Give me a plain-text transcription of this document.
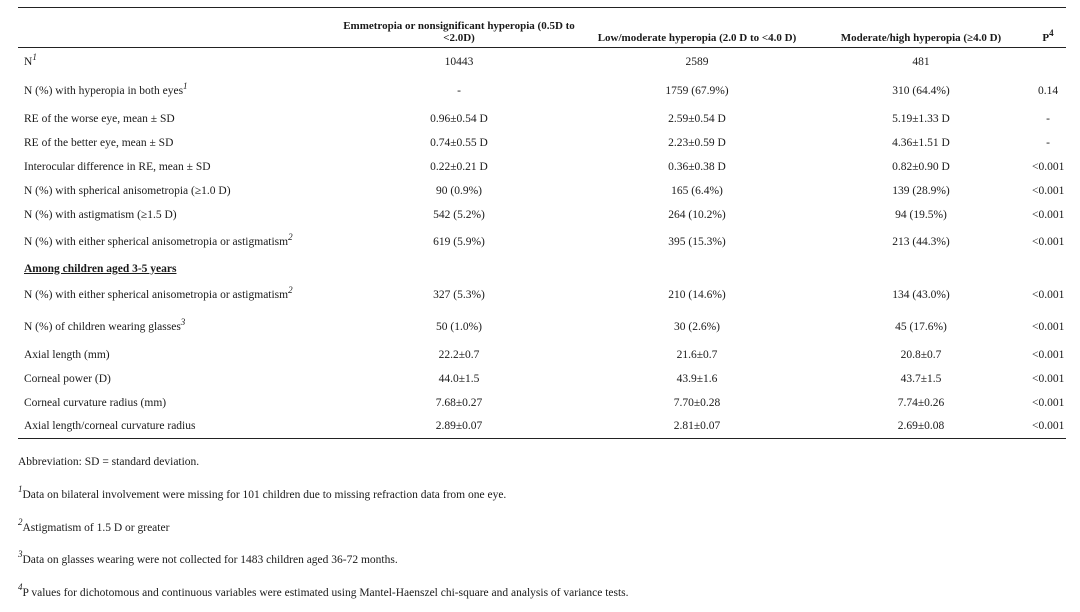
	Emmetropia or nonsignificant hyperopia (0.5D to <2.0D)	Low/moderate hyperopia (2.0 D to <4.0 D)	Moderate/high hyperopia (≥4.0 D)	$P^4$
N$^1$	10443	2589	481	
N (%) with hyperopia in both eyes$^1$	-	1759 (67.9%)	310 (64.4%)	0.14
RE of the worse eye, mean ± SD	0.96±0.54 D	2.59±0.54 D	5.19±1.33 D	-
RE of the better eye, mean ± SD	0.74±0.55 D	2.23±0.59 D	4.36±1.51 D	-
Interocular difference in RE, mean ± SD	0.22±0.21 D	0.36±0.38 D	0.82±0.90 D	<0.001
N (%) with spherical anisometropia (≥1.0 D)	90 (0.9%)	165 (6.4%)	139 (28.9%)	<0.001
N (%) with astigmatism (≥1.5 D)	542 (5.2%)	264 (10.2%)	94 (19.5%)	<0.001
N (%) with either spherical anisometropia or astigmatism$^2$	619 (5.9%)	395 (15.3%)	213 (44.3%)	<0.001
Among children aged 3-5 years				
N (%) with either spherical anisometropia or astigmatism$^2$	327 (5.3%)	210 (14.6%)	134 (43.0%)	<0.001
N (%) of children wearing glasses$^3$	50 (1.0%)	30 (2.6%)	45 (17.6%)	<0.001
Axial length (mm)	22.2±0.7	21.6±0.7	20.8±0.7	<0.001
Corneal power (D)	44.0±1.5	43.9±1.6	43.7±1.5	<0.001
Corneal curvature radius (mm)	7.68±0.27	7.70±0.28	7.74±0.26	<0.001
Axial length/corneal curvature radius	2.89±0.07	2.81±0.07	2.69±0.08	<0.001
Abbreviation: SD = standard deviation.
$^1$Data on bilateral involvement were missing for 101 children due to missing refraction data from one eye.
$^2$Astigmatism of 1.5 D or greater
$^3$Data on glasses wearing were not collected for 1483 children aged 36-72 months.
$^4$P values for dichotomous and continuous variables were estimated using Mantel-Haenszel chi-square and analysis of variance tests.
